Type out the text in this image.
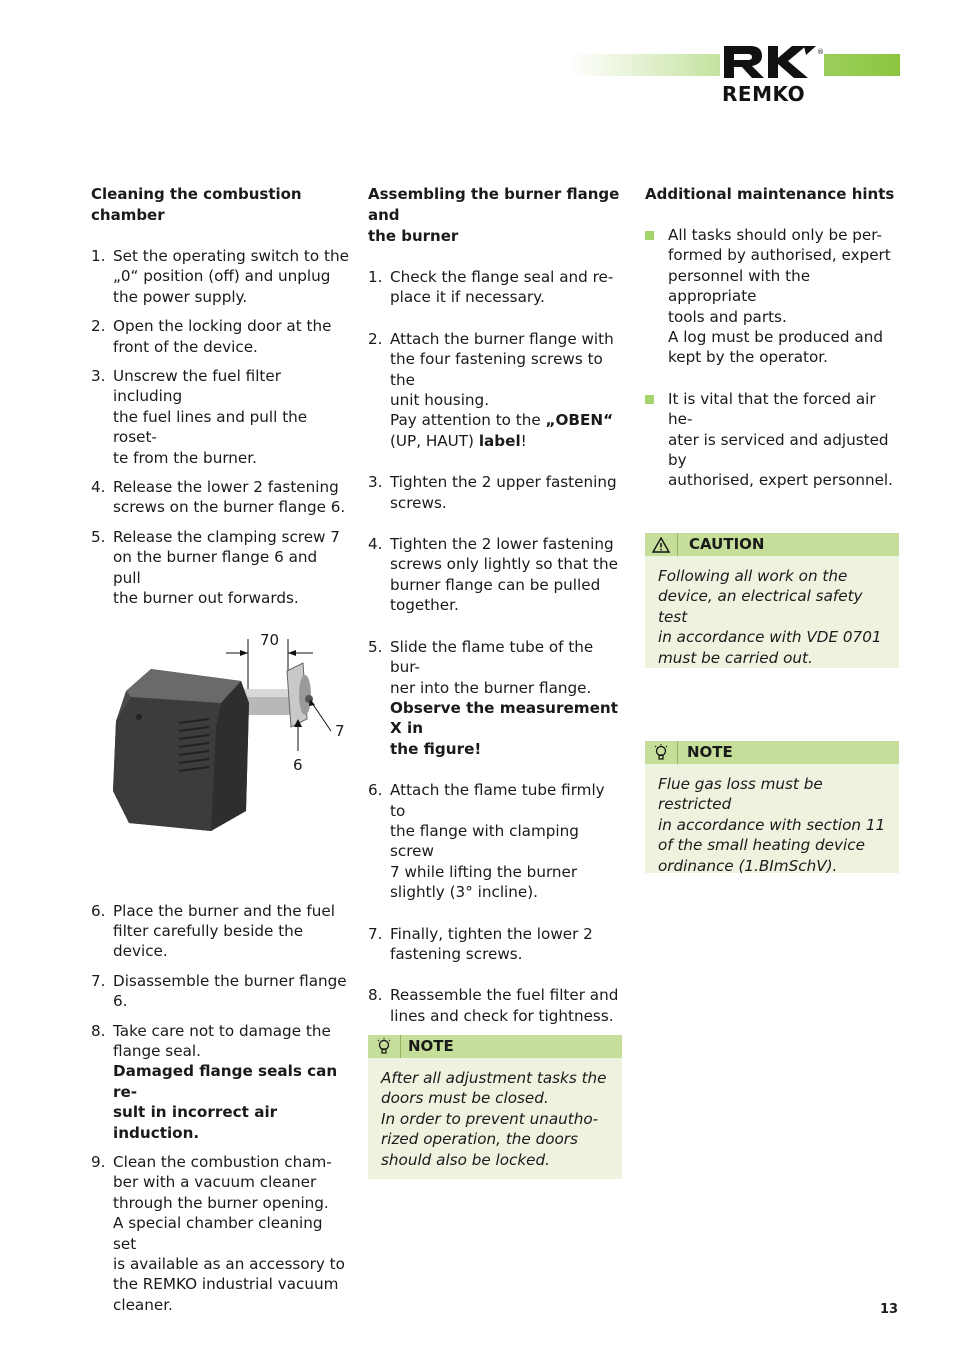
REMKO
®
Cleaning the combustion chamber
1. Set the operating switch to the
„0“ position (off) and unplug
the power supply.
2. Open the locking door at the
front of the device.
3. Unscrew the fuel filter including
the fuel lines and pull the roset-
te from the burner.
4. Release the lower 2 fastening
screws on the burner flange 6.
5. Release the clamping screw 7
on the burner flange 6 and pull
the burner out forwards.
70
7
6
6. Place the burner and the fuel
filter carefully beside the device.
7. Disassemble the burner flange 6.
8. Take care not to damage the
flange seal.
Damaged flange seals can re-
sult in incorrect air induction.
9. Clean the combustion cham-
ber with a vacuum cleaner
through the burner opening.
A special chamber cleaning set
is available as an accessory to
the REMKO industrial vacuum
cleaner.
Assembling the burner flange and
the burner
1. Check the flange seal and re-
place it if necessary.
2. Attach the burner flange with
the four fastening screws to the
unit housing.
Pay attention to the „OBEN“
(UP, HAUT) label!
3. Tighten the 2 upper fastening
screws.
4. Tighten the 2 lower fastening
screws only lightly so that the
burner flange can be pulled
together.
5. Slide the flame tube of the bur-
ner into the burner flange.
Observe the measurement X in
the figure!
6. Attach the flame tube firmly to
the flange with clamping screw
7 while lifting the burner
slightly (3° incline).
7. Finally, tighten the lower 2
fastening screws.
8. Reassemble the fuel filter and
lines and check for tightness.
NOTE
After all adjustment tasks the
doors must be closed.
In order to prevent unautho-
rized operation, the doors
should also be locked.
Additional maintenance hints
All tasks should only be per-
formed by authorised, expert
personnel with the appropriate
tools and parts.
A log must be produced and
kept by the operator.
It is vital that the forced air he-
ater is serviced and adjusted by
authorised, expert personnel.
CAUTION
Following all work on the
device, an electrical safety test
in accordance with VDE 0701
must be carried out.
NOTE
Flue gas loss must be restricted
in accordance with section 11
of the small heating device
ordinance (1.BImSchV).
13
